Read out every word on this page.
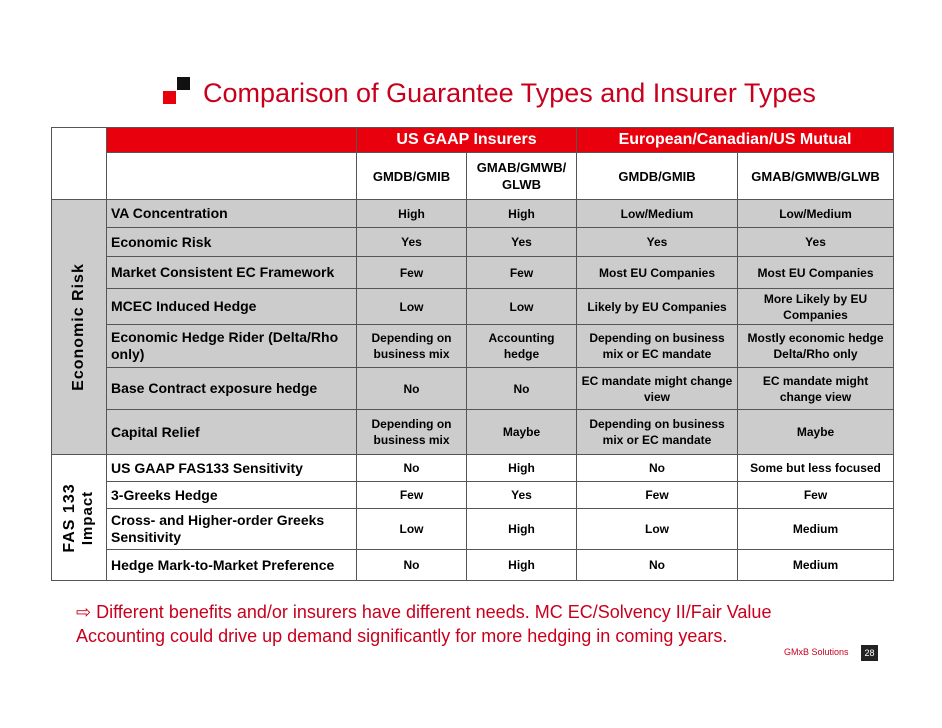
Comparison of Guarantee Types and Insurer Types
		US GAAP Insurers		European/Canadian/US Mutual	
		GMDB/GMIB	GMAB/GMWB/ GLWB	GMDB/GMIB	GMAB/GMWB/GLWB

Economic Risk	VA Concentration	High	High	Low/Medium	Low/Medium
	Economic Risk	Yes	Yes	Yes	Yes
	Market Consistent EC Framework	Few	Few	Most EU Companies	Most EU Companies
	MCEC Induced Hedge	Low	Low	Likely by EU Companies	More Likely by EU Companies
	Economic Hedge Rider (Delta/Rho only)	Depending on business mix	Accounting hedge	Depending on business mix or EC mandate	Mostly economic hedge Delta/Rho only
	Base Contract exposure hedge	No	No	EC mandate might change view	EC mandate might change view
	Capital Relief	Depending on business mix	Maybe	Depending on business mix or EC mandate	Maybe

FAS 133 Impact	US GAAP FAS133 Sensitivity	No	High	No	Some but less focused
	3-Greeks Hedge	Few	Yes	Few	Few
	Cross- and Higher-order Greeks Sensitivity	Low	High	Low	Medium
	Hedge Mark-to-Market Preference	No	High	No	Medium
⇨ Different benefits and/or insurers have different needs. MC EC/Solvency II/Fair Value Accounting could drive up demand significantly for more hedging in coming years.
GMxB Solutions	28
